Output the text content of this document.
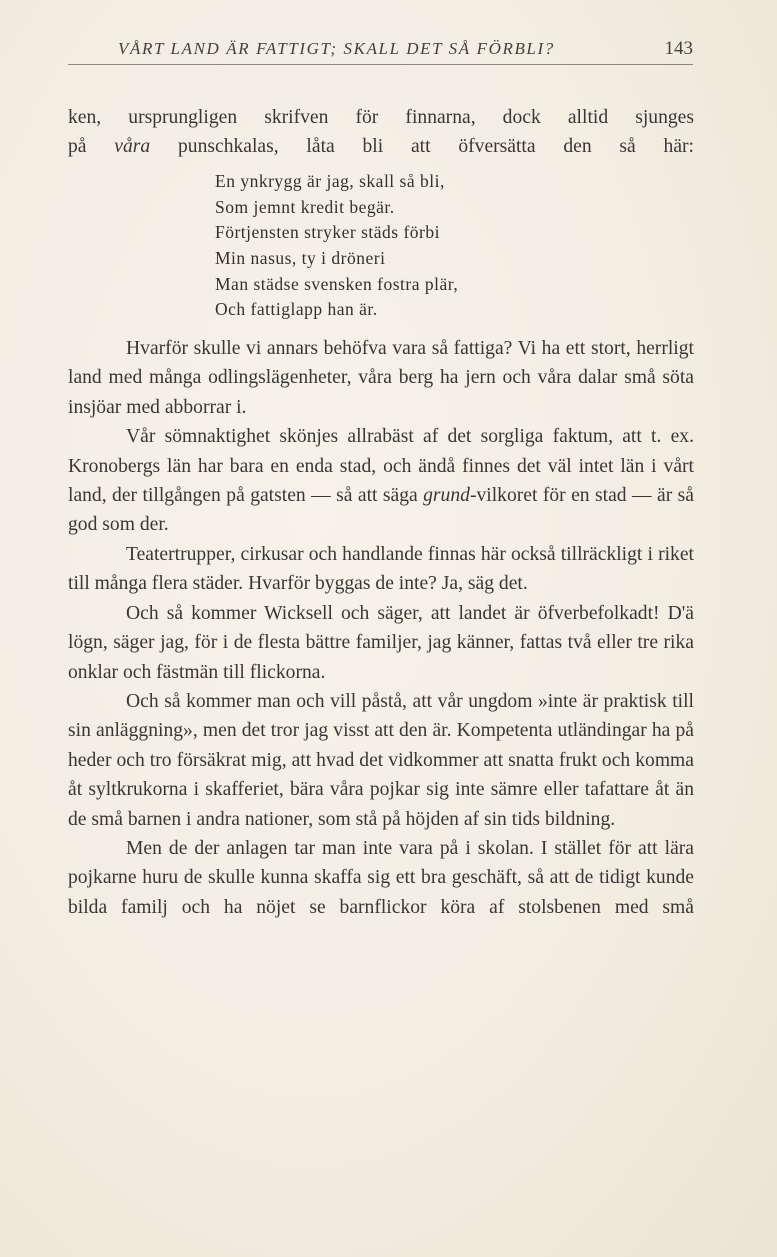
VÅRT LAND ÄR FATTIGT; SKALL DET SÅ FÖRBLI?	143

ken, ursprungligen skrifven för finnarna, dock alltid sjunges
på våra punschkalas, låta bli att öfversätta den så här:

En ynkrygg är jag, skall så bli,
Som jemnt kredit begär.
Förtjensten stryker städs förbi
Min nasus, ty i dröneri
Man städse svensken fostra plär,
Och fattiglapp han är.

Hvarför skulle vi annars behöfva vara så fattiga? Vi ha ett stort, herrligt land med många odlingslägenheter, våra berg ha jern och våra dalar små söta insjöar med abborrar i.

Vår sömnaktighet skönjes allrabäst af det sorgliga faktum, att t. ex. Kronobergs län har bara en enda stad, och ändå finnes det väl intet län i vårt land, der tillgången på gatsten — så att säga grund-vilkoret för en stad — är så god som der.

Teatertrupper, cirkusar och handlande finnas här också tillräckligt i riket till många flera städer. Hvarför byggas de inte? Ja, säg det.

Och så kommer Wicksell och säger, att landet är öfverbefolkadt! D'ä lögn, säger jag, för i de flesta bättre familjer, jag känner, fattas två eller tre rika onklar och fästmän till flickorna.

Och så kommer man och vill påstå, att vår ungdom »inte är praktisk till sin anläggning», men det tror jag visst att den är. Kompetenta utländingar ha på heder och tro försäkrat mig, att hvad det vidkommer att snatta frukt och komma åt syltkrukorna i skafferiet, bära våra pojkar sig inte sämre eller tafattare åt än de små barnen i andra nationer, som stå på höjden af sin tids bildning.

Men de der anlagen tar man inte vara på i skolan. I stället för att lära pojkarne huru de skulle kunna skaffa sig ett bra geschäft, så att de tidigt kunde bilda familj och ha nöjet se barnflickor köra af stolsbenen med små
